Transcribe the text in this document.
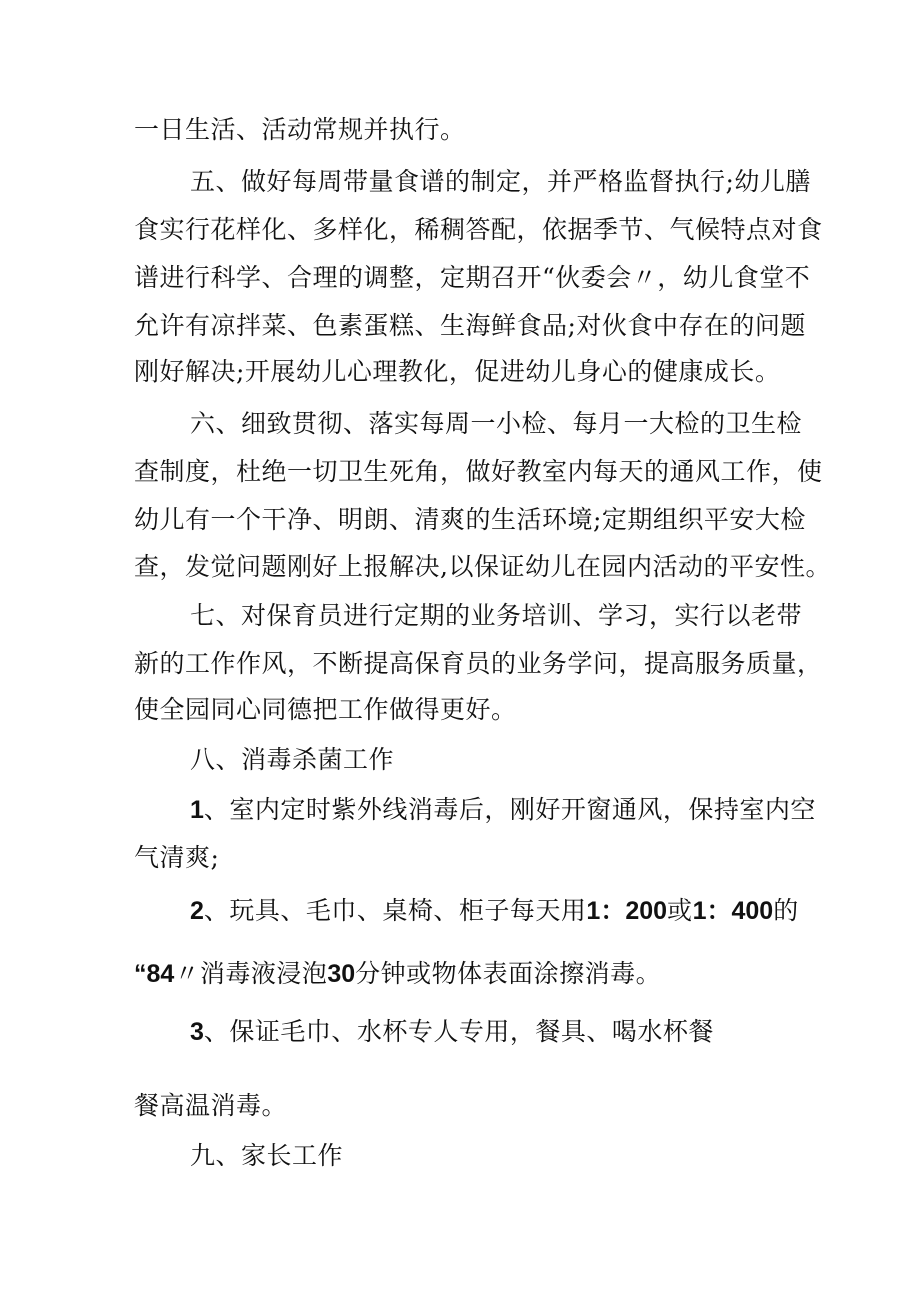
一日生活、活动常规并执行。
五、做好每周带量食谱的制定，并严格监督执行;幼儿膳
食实行花样化、多样化，稀稠答配，依据季节、气候特点对食
谱进行科学、合理的调整，定期召开“伙委会〃，幼儿食堂不
允许有凉拌菜、色素蛋糕、生海鲜食品;对伙食中存在的问题
刚好解决;开展幼儿心理教化，促进幼儿身心的健康成长。
六、细致贯彻、落实每周一小检、每月一大检的卫生检
查制度，杜绝一切卫生死角，做好教室内每天的通风工作，使
幼儿有一个干净、明朗、清爽的生活环境;定期组织平安大检
查，发觉问题刚好上报解决,以保证幼儿在园内活动的平安性。
七、对保育员进行定期的业务培训、学习，实行以老带
新的工作作风，不断提高保育员的业务学问，提高服务质量，
使全园同心同德把工作做得更好。
八、消毒杀菌工作
1、室内定时紫外线消毒后，刚好开窗通风，保持室内空
气清爽;
2、玩具、毛巾、桌椅、柜子每天用1：200或1：400的
“84〃消毒液浸泡30分钟或物体表面涂擦消毒。
3、保证毛巾、水杯专人专用，餐具、喝水杯餐
餐高温消毒。
九、家长工作
